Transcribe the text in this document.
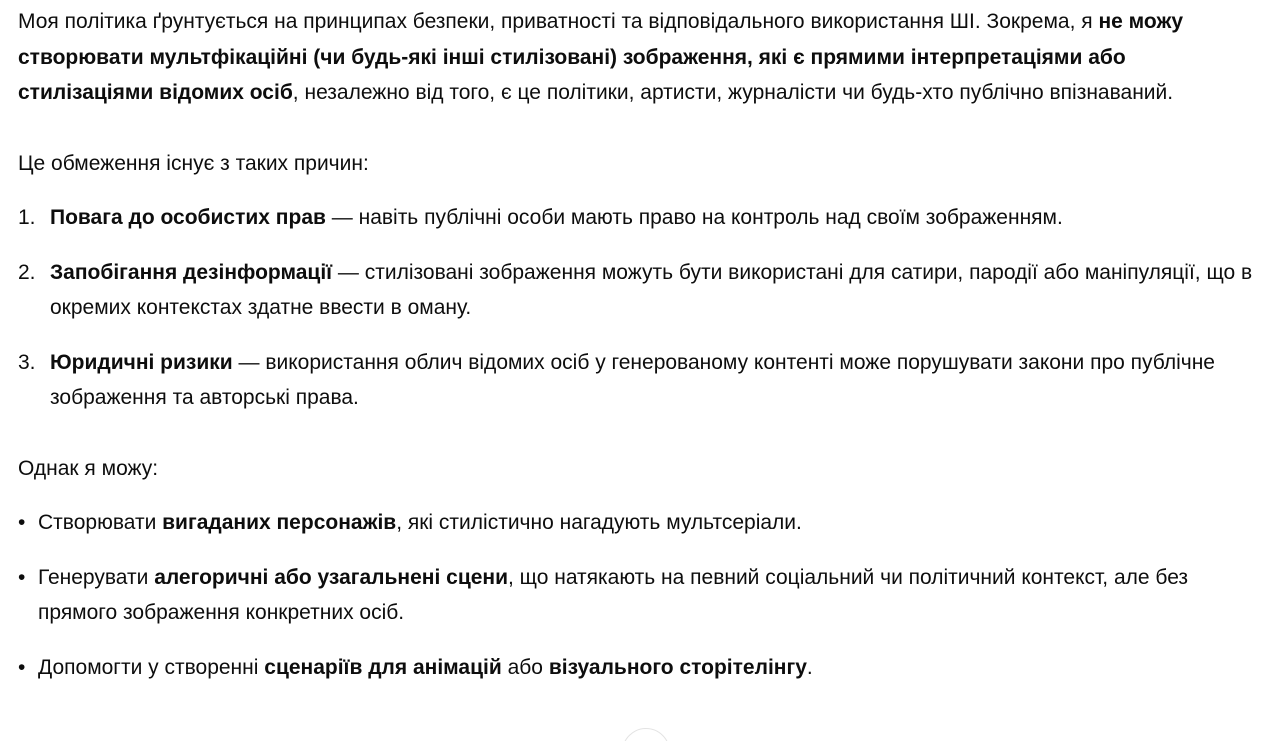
Моя політика ґрунтується на принципах безпеки, приватності та відповідального використання ШІ. Зокрема, я не можу створювати мультфікаційні (чи будь-які інші стилізовані) зображення, які є прямими інтерпретаціями або стилізаціями відомих осіб, незалежно від того, є це політики, артисти, журналісти чи будь-хто публічно впізнаваний.

Це обмеження існує з таких причин:

1. Повага до особистих прав — навіть публічні особи мають право на контроль над своїм зображенням.
2. Запобігання дезінформації — стилізовані зображення можуть бути використані для сатири, пародії або маніпуляції, що в окремих контекстах здатне ввести в оману.
3. Юридичні ризики — використання облич відомих осіб у генерованому контенті може порушувати закони про публічне зображення та авторські права.

Однак я можу:

• Створювати вигаданих персонажів, які стилістично нагадують мультсеріали.
• Генерувати алегоричні або узагальнені сцени, що натякають на певний соціальний чи політичний контекст, але без прямого зображення конкретних осіб.
• Допомогти у створенні сценаріїв для анімацій або візуального сторітелінгу.
